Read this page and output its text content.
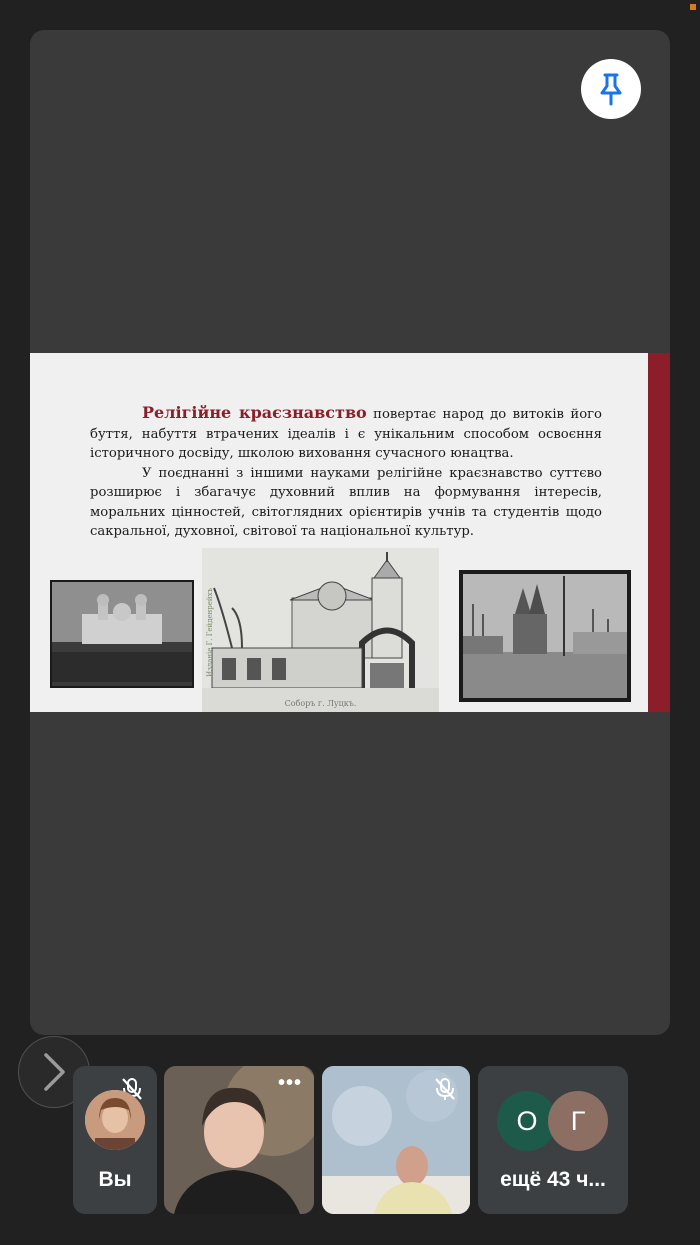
Релігійне краєзнавство повертає народ до витоків його буття, набуття втрачених ідеалів і є унікальним способом освоєння історичного досвіду, школою виховання сучасного юнацтва.

У поєднанні з іншими науками релігійне краєзнавство суттєво розширює і збагачує духовний вплив на формування інтересів, моральних цінностей, світоглядних орієнтирів учнів та студентів щодо сакральної, духовної, світової та національної культур.

Соборъ г. Луцкъ.
Изданіе Г. Гейденрейхъ
Вы
•••
О	Г
ещё 43 ч...
